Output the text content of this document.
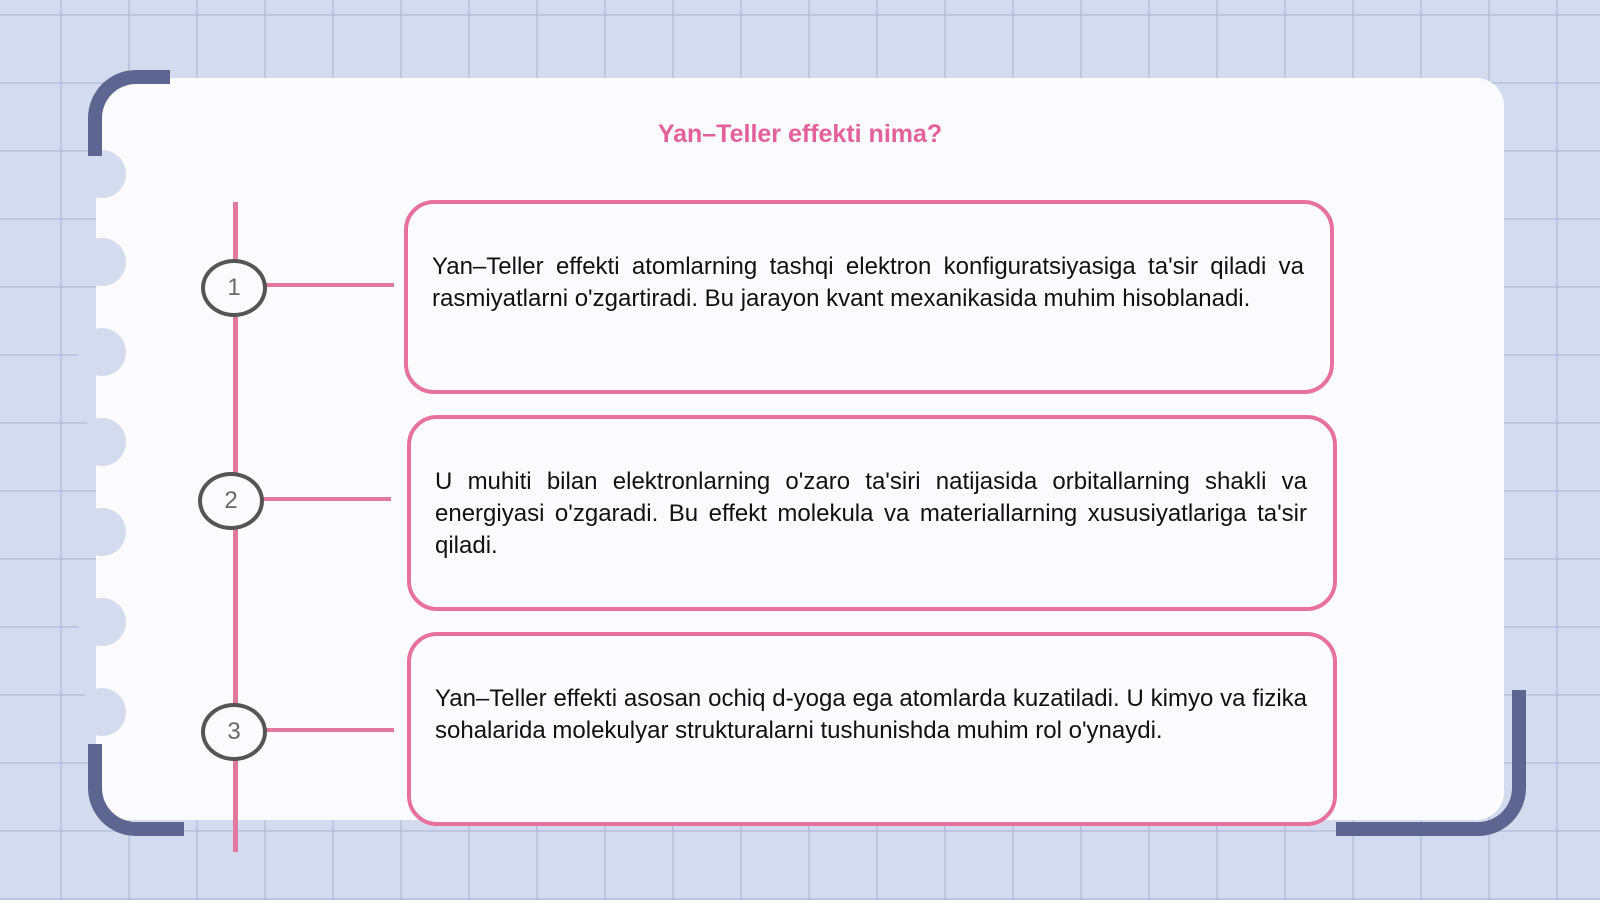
Yan–Teller effekti nima?
1
2
3

Yan–Teller effekti atomlarning tashqi elektron konfiguratsiyasiga ta'sir qiladi va rasmiyatlarni o'zgartiradi. Bu jarayon kvant mexanikasida muhim hisoblanadi.

U muhiti bilan elektronlarning o'zaro ta'siri natijasida orbitallarning shakli va energiyasi o'zgaradi. Bu effekt molekula va materiallarning xususiyatlariga ta'sir qiladi.

Yan–Teller effekti asosan ochiq d-yoga ega atomlarda kuzatiladi. U kimyo va fizika sohalarida molekulyar strukturalarni tushunishda muhim rol o'ynaydi.
